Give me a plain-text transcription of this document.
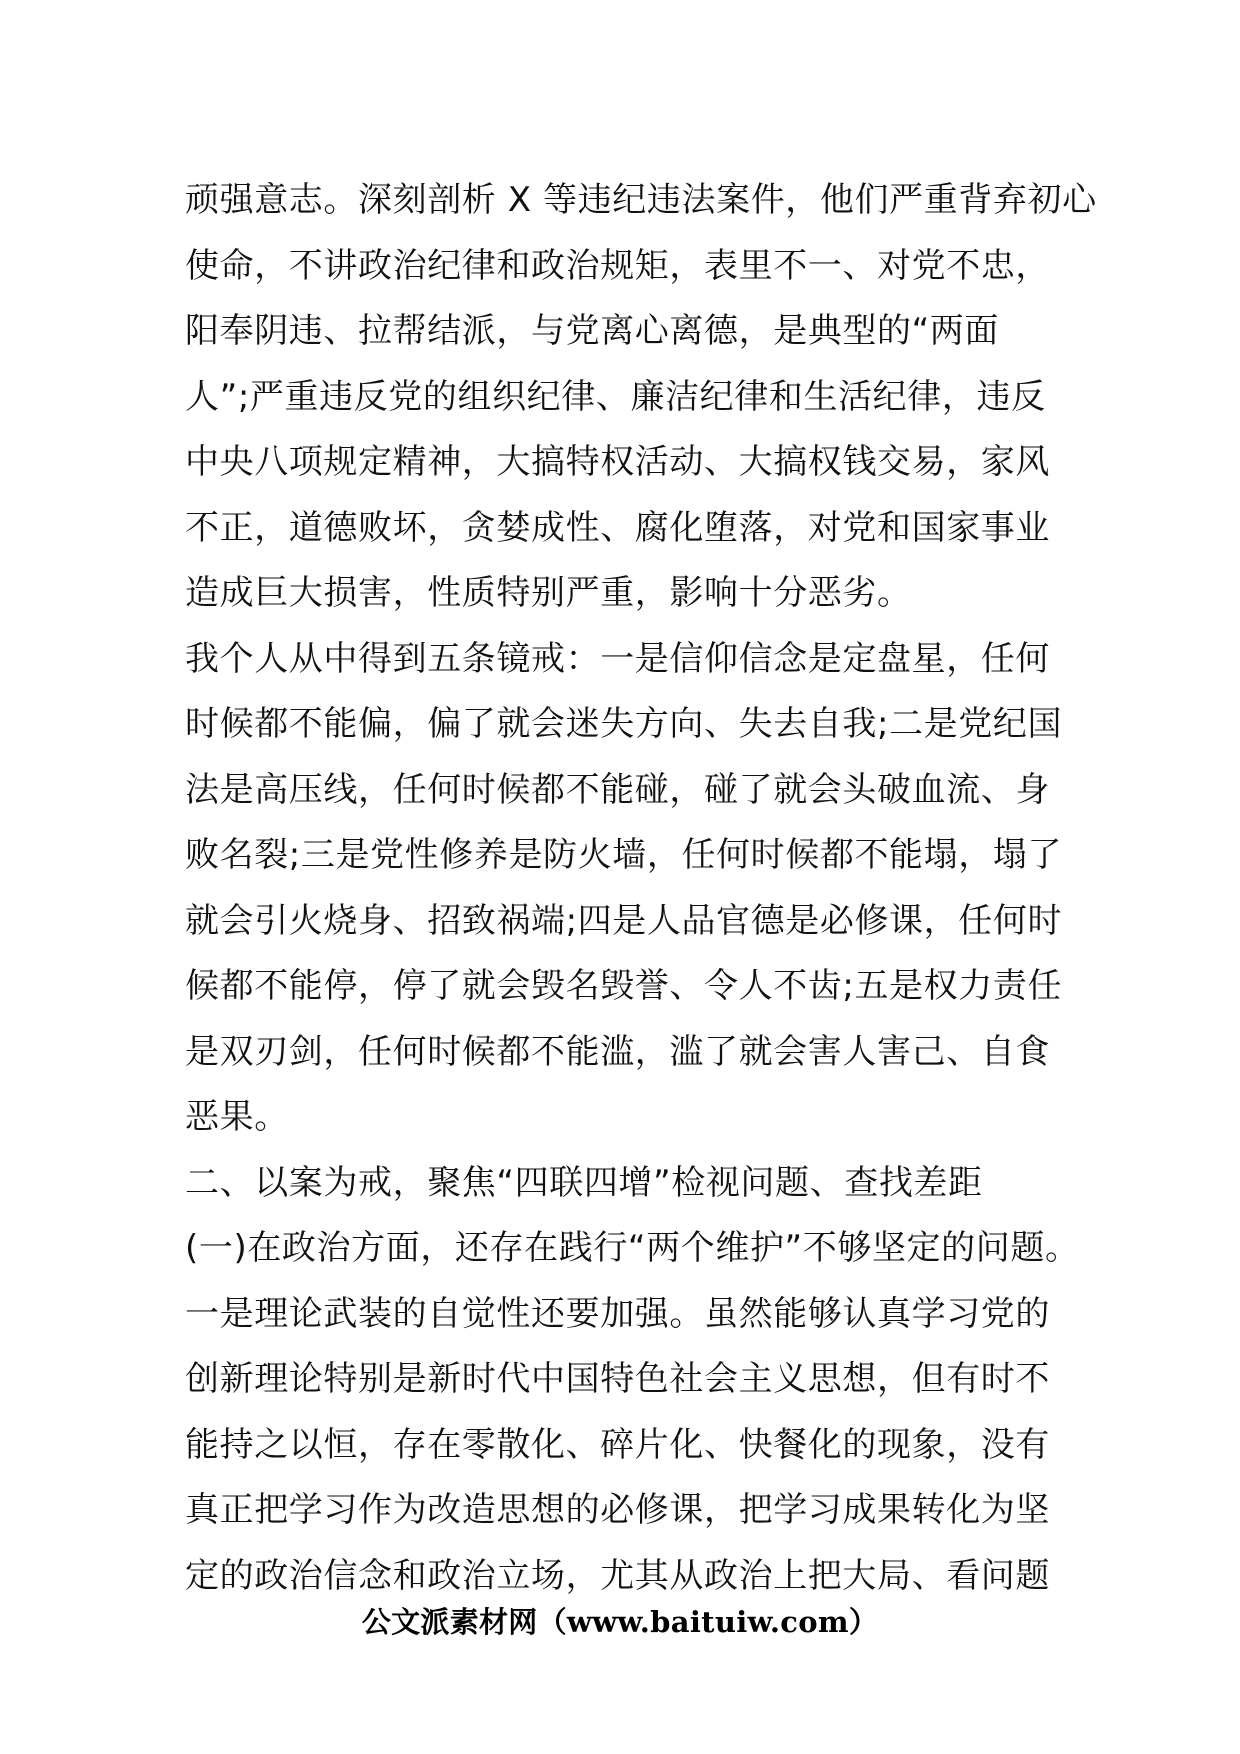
顽强意志。深刻剖析 X 等违纪违法案件，他们严重背弃初心
使命，不讲政治纪律和政治规矩，表里不一、对党不忠，
阳奉阴违、拉帮结派，与党离心离德，是典型的“两面
人”;严重违反党的组织纪律、廉洁纪律和生活纪律，违反
中央八项规定精神，大搞特权活动、大搞权钱交易，家风
不正，道德败坏，贪婪成性、腐化堕落，对党和国家事业
造成巨大损害，性质特别严重，影响十分恶劣。
我个人从中得到五条镜戒：一是信仰信念是定盘星，任何
时候都不能偏，偏了就会迷失方向、失去自我;二是党纪国
法是高压线，任何时候都不能碰，碰了就会头破血流、身
败名裂;三是党性修养是防火墙，任何时候都不能塌，塌了
就会引火烧身、招致祸端;四是人品官德是必修课，任何时
候都不能停，停了就会毁名毁誉、令人不齿;五是权力责任
是双刃剑，任何时候都不能滥，滥了就会害人害己、自食
恶果。
二、以案为戒，聚焦“四联四增”检视问题、查找差距
(一)在政治方面，还存在践行“两个维护”不够坚定的问题。
一是理论武装的自觉性还要加强。虽然能够认真学习党的
创新理论特别是新时代中国特色社会主义思想，但有时不
能持之以恒，存在零散化、碎片化、快餐化的现象，没有
真正把学习作为改造思想的必修课，把学习成果转化为坚
定的政治信念和政治立场，尤其从政治上把大局、看问题
公文派素材网（www.baituiw.com）
